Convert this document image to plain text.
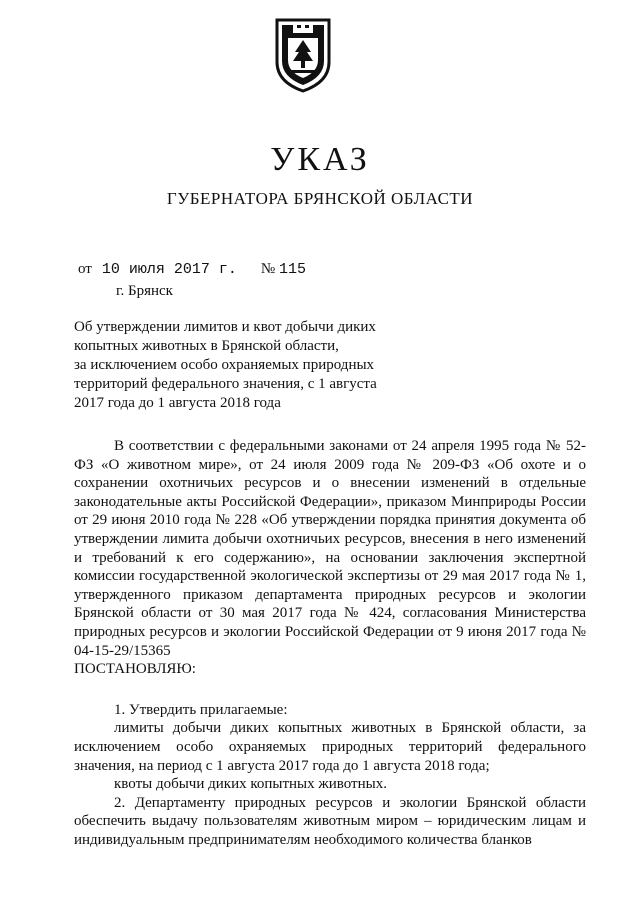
УКАЗ
ГУБЕРНАТОРА БРЯНСКОЙ ОБЛАСТИ
от 10 июля 2017 г. № 115
г. Брянск
Об утверждении лимитов и квот добычи диких
копытных животных в Брянской области,
за исключением особо охраняемых природных
территорий федерального значения, с 1 августа
2017 года до 1 августа 2018 года

В соответствии с федеральными законами от 24 апреля 1995 года № 52-ФЗ «О животном мире», от 24 июля 2009 года № 209-ФЗ «Об охоте и о сохранении охотничьих ресурсов и о внесении изменений в отдельные законодательные акты Российской Федерации», приказом Минприроды России от 29 июня 2010 года № 228 «Об утверждении порядка принятия документа об утверждении лимита добычи охотничьих ресурсов, внесения в него изменений и требований к его содержанию», на основании заключения экспертной комиссии государственной экологической экспертизы от 29 мая 2017 года № 1, утвержденного приказом департамента природных ресурсов и экологии Брянской области от 30 мая 2017 года № 424, согласования Министерства природных ресурсов и экологии Российской Федерации от 9 июня 2017 года № 04-15-29/15365

ПОСТАНОВЛЯЮ:

1. Утвердить прилагаемые:

лимиты добычи диких копытных животных в Брянской области, за исключением особо охраняемых природных территорий федерального значения, на период с 1 августа 2017 года до 1 августа 2018 года;

квоты добычи диких копытных животных.

2. Департаменту природных ресурсов и экологии Брянской области обеспечить выдачу пользователям животным миром – юридическим лицам и индивидуальным предпринимателям необходимого количества бланков
